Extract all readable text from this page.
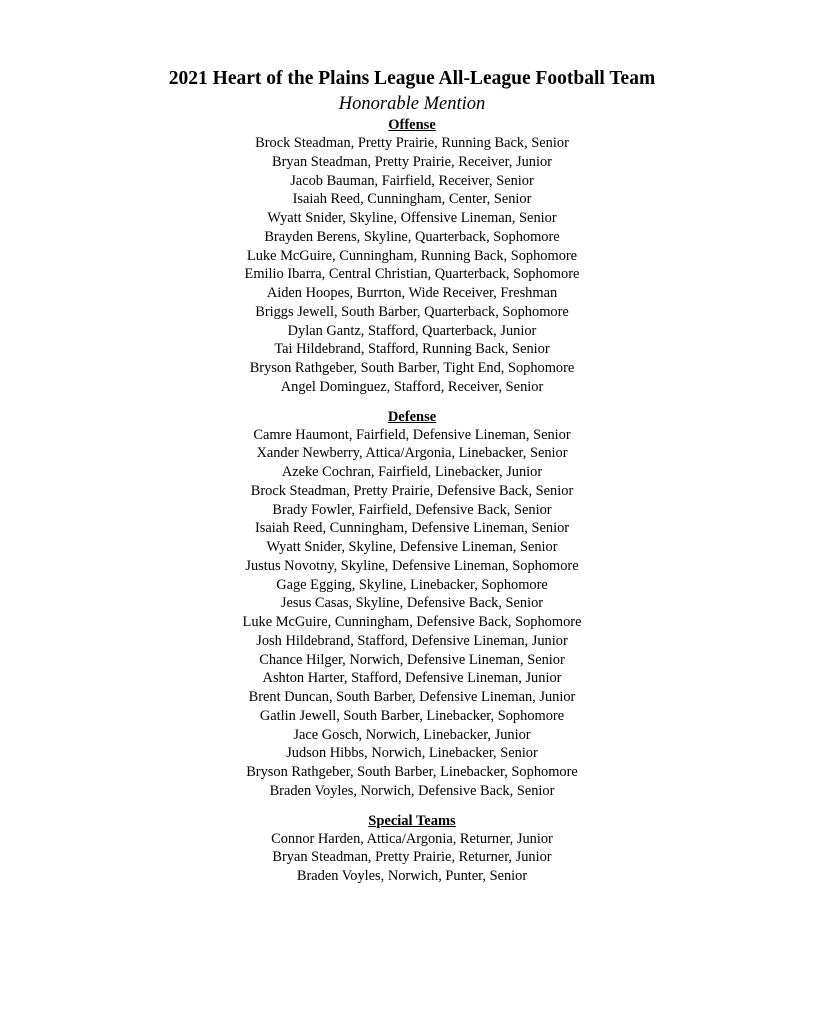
2021 Heart of the Plains League All-League Football Team
Honorable Mention
Offense
Brock Steadman, Pretty Prairie, Running Back, Senior
Bryan Steadman, Pretty Prairie, Receiver, Junior
Jacob Bauman, Fairfield, Receiver, Senior
Isaiah Reed, Cunningham, Center, Senior
Wyatt Snider, Skyline, Offensive Lineman, Senior
Brayden Berens, Skyline, Quarterback, Sophomore
Luke McGuire, Cunningham, Running Back, Sophomore
Emilio Ibarra, Central Christian, Quarterback, Sophomore
Aiden Hoopes, Burrton, Wide Receiver, Freshman
Briggs Jewell, South Barber, Quarterback, Sophomore
Dylan Gantz, Stafford, Quarterback, Junior
Tai Hildebrand, Stafford, Running Back, Senior
Bryson Rathgeber, South Barber, Tight End, Sophomore
Angel Dominguez, Stafford, Receiver, Senior
Defense
Camre Haumont, Fairfield, Defensive Lineman, Senior
Xander Newberry, Attica/Argonia, Linebacker, Senior
Azeke Cochran, Fairfield, Linebacker, Junior
Brock Steadman, Pretty Prairie, Defensive Back, Senior
Brady Fowler, Fairfield, Defensive Back, Senior
Isaiah Reed, Cunningham, Defensive Lineman, Senior
Wyatt Snider, Skyline, Defensive Lineman, Senior
Justus Novotny, Skyline, Defensive Lineman, Sophomore
Gage Egging, Skyline, Linebacker, Sophomore
Jesus Casas, Skyline, Defensive Back, Senior
Luke McGuire, Cunningham, Defensive Back, Sophomore
Josh Hildebrand, Stafford, Defensive Lineman, Junior
Chance Hilger, Norwich, Defensive Lineman, Senior
Ashton Harter, Stafford, Defensive Lineman, Junior
Brent Duncan, South Barber, Defensive Lineman, Junior
Gatlin Jewell, South Barber, Linebacker, Sophomore
Jace Gosch, Norwich, Linebacker, Junior
Judson Hibbs, Norwich, Linebacker, Senior
Bryson Rathgeber, South Barber, Linebacker, Sophomore
Braden Voyles, Norwich, Defensive Back, Senior
Special Teams
Connor Harden, Attica/Argonia, Returner, Junior
Bryan Steadman, Pretty Prairie, Returner, Junior
Braden Voyles, Norwich, Punter, Senior
